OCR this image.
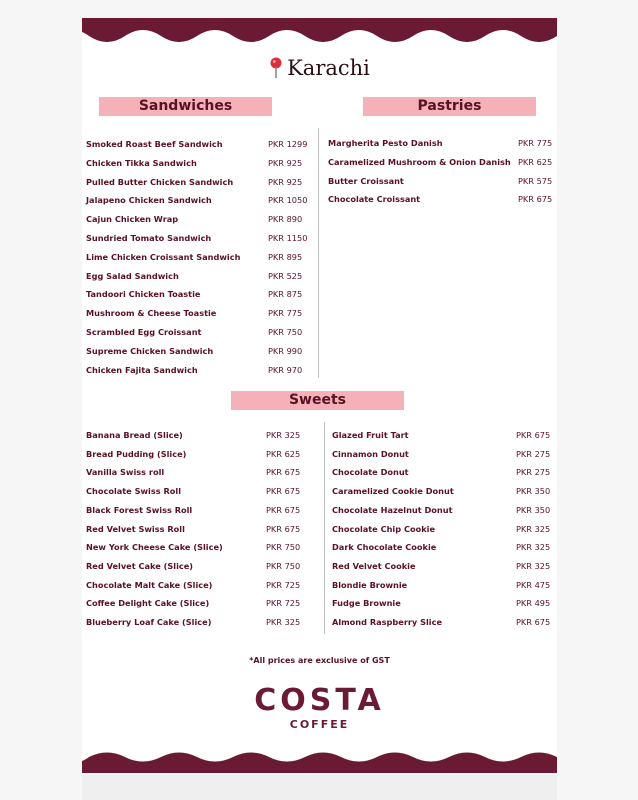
Karachi
Sandwiches	Pastries
Smoked Roast Beef Sandwich	PKR 1299
Chicken Tikka Sandwich	PKR 925
Pulled Butter Chicken Sandwich	PKR 925
Jalapeno Chicken Sandwich	PKR 1050
Cajun Chicken Wrap	PKR 890
Sundried Tomato Sandwich	PKR 1150
Lime Chicken Croissant Sandwich	PKR 895
Egg Salad Sandwich	PKR 525
Tandoori Chicken Toastie	PKR 875
Mushroom & Cheese Toastie	PKR 775
Scrambled Egg Croissant	PKR 750
Supreme Chicken Sandwich	PKR 990
Chicken Fajita Sandwich	PKR 970
Margherita Pesto Danish	PKR 775
Caramelized Mushroom & Onion Danish PKR 625
Butter Croissant	PKR 575
Chocolate Croissant	PKR 675
Sweets
Banana Bread (Slice)	PKR 325
Bread Pudding (Slice)	PKR 625
Vanilla Swiss roll	PKR 675
Chocolate Swiss Roll	PKR 675
Black Forest Swiss Roll	PKR 675
Red Velvet Swiss Roll	PKR 675
New York Cheese Cake (Slice)	PKR 750
Red Velvet Cake (Slice)	PKR 750
Chocolate Malt Cake (Slice)	PKR 725
Coffee Delight Cake (Slice)	PKR 725
Blueberry Loaf Cake (Slice)	PKR 325
Glazed Fruit Tart	PKR 675
Cinnamon Donut	PKR 275
Chocolate Donut	PKR 275
Caramelized Cookie Donut	PKR 350
Chocolate Hazelnut Donut	PKR 350
Chocolate Chip Cookie	PKR 325
Dark Chocolate Cookie	PKR 325
Red Velvet Cookie	PKR 325
Blondie Brownie	PKR 475
Fudge Brownie	PKR 495
Almond Raspberry Slice	PKR 675
*All prices are exclusive of GST
COSTA
COFFEE
